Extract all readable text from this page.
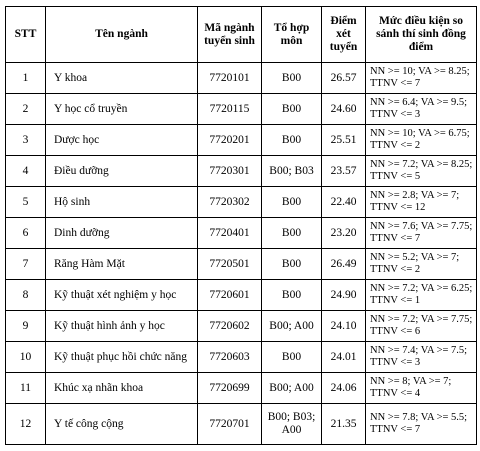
STT	Tên ngành	Mã ngành tuyển sinh	Tổ hợp môn	Điểm xét tuyển	Mức điều kiện so sánh thí sinh đồng điểm
1	Y khoa	7720101	B00	26.57	NN >= 10; VA >= 8.25; TTNV <= 7
2	Y học cổ truyền	7720115	B00	24.60	NN >= 6.4; VA >= 9.5; TTNV <= 3
3	Dược học	7720201	B00	25.51	NN >= 10; VA >= 6.75; TTNV <= 2
4	Điều dưỡng	7720301	B00; B03	23.57	NN >= 7.2; VA >= 8.25; TTNV <= 5
5	Hộ sinh	7720302	B00	22.40	NN >= 2.8; VA >= 7; TTNV <= 12
6	Dinh dưỡng	7720401	B00	23.20	NN >= 7.6; VA >= 7.75; TTNV <= 7
7	Răng Hàm Mặt	7720501	B00	26.49	NN >= 5.2; VA >= 7; TTNV <= 2
8	Kỹ thuật xét nghiệm y học	7720601	B00	24.90	NN >= 7.2; VA >= 6.25; TTNV <= 1
9	Kỹ thuật hình ảnh y học	7720602	B00; A00	24.10	NN >= 7.2; VA >= 7.75; TTNV <= 6
10	Kỹ thuật phục hồi chức năng	7720603	B00	24.01	NN >= 7.4; VA >= 7.5; TTNV <= 3
11	Khúc xạ nhãn khoa	7720699	B00; A00	24.06	NN >= 8; VA >= 7; TTNV <= 4
12	Y tế công cộng	7720701	B00; B03; A00	21.35	NN >= 7.8; VA >= 5.5; TTNV <= 7
